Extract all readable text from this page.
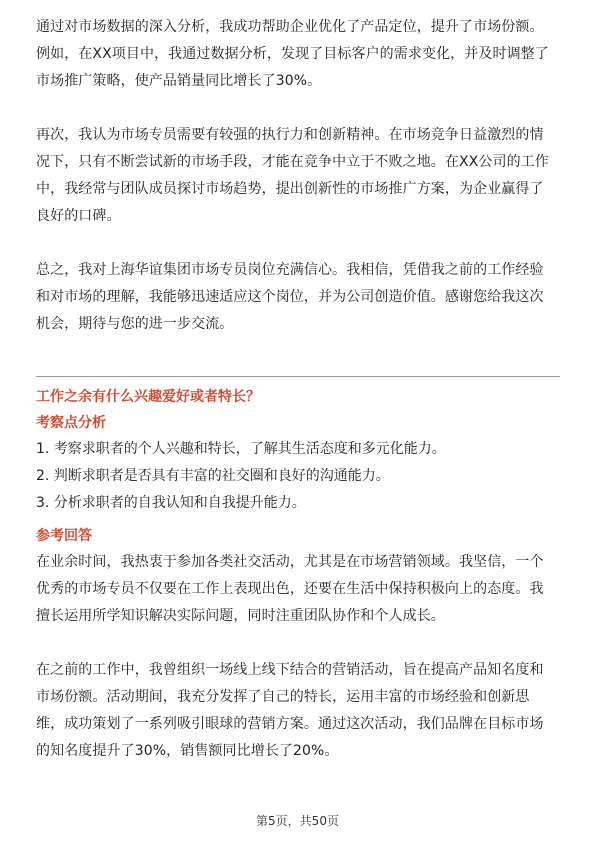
通过对市场数据的深入分析，我成功帮助企业优化了产品定位，提升了市场份额。
例如，在XX项目中，我通过数据分析，发现了目标客户的需求变化，并及时调整了
市场推广策略，使产品销量同比增长了30%。

再次，我认为市场专员需要有较强的执行力和创新精神。在市场竞争日益激烈的情
况下，只有不断尝试新的市场手段，才能在竞争中立于不败之地。在XX公司的工作
中，我经常与团队成员探讨市场趋势，提出创新性的市场推广方案，为企业赢得了
良好的口碑。

总之，我对上海华谊集团市场专员岗位充满信心。我相信，凭借我之前的工作经验
和对市场的理解，我能够迅速适应这个岗位，并为公司创造价值。感谢您给我这次
机会，期待与您的进一步交流。

工作之余有什么兴趣爱好或者特长？

考察点分析

1. 考察求职者的个人兴趣和特长，了解其生活态度和多元化能力。

2. 判断求职者是否具有丰富的社交圈和良好的沟通能力。

3. 分析求职者的自我认知和自我提升能力。

参考回答

在业余时间，我热衷于参加各类社交活动，尤其是在市场营销领域。我坚信，一个
优秀的市场专员不仅要在工作上表现出色，还要在生活中保持积极向上的态度。我
擅长运用所学知识解决实际问题，同时注重团队协作和个人成长。

在之前的工作中，我曾组织一场线上线下结合的营销活动，旨在提高产品知名度和
市场份额。活动期间，我充分发挥了自己的特长，运用丰富的市场经验和创新思
维，成功策划了一系列吸引眼球的营销方案。通过这次活动，我们品牌在目标市场
的知名度提升了30%，销售额同比增长了20%。

第5页，共50页
